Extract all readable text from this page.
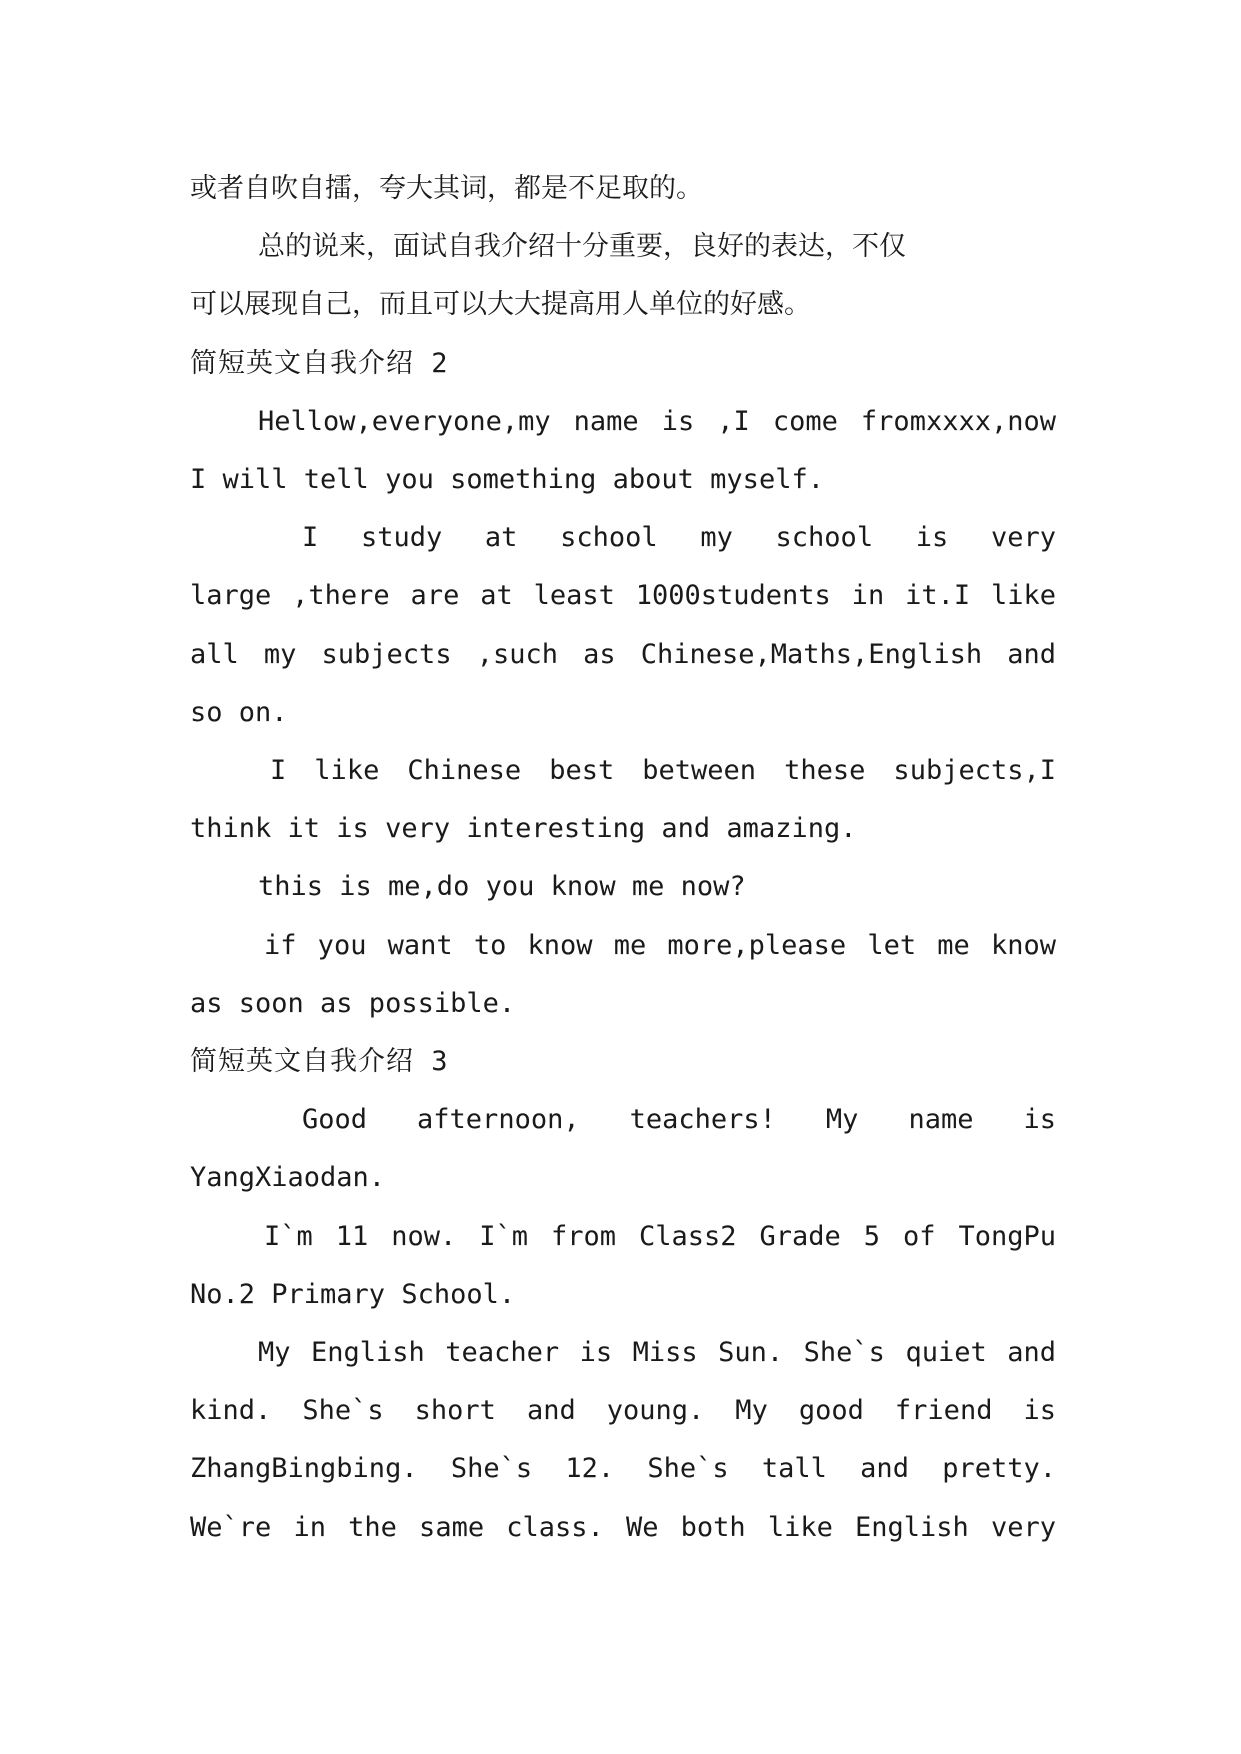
或者自吹自擂，夸大其词，都是不足取的。
总的说来，面试自我介绍十分重要，良好的表达，不仅
可以展现自己，而且可以大大提高用人单位的好感。
简短英文自我介绍 2
Hellow,everyone,my name is ,I come fromxxxx,now
I will tell you something about myself.
I study at school my school is very
large ,there are at least 1000students in it.I like
all my subjects ,such as Chinese,Maths,English and
so on.
I like Chinese best between these subjects,I
think it is very interesting and amazing.
this is me,do you know me now?
if you want to know me more,please let me know
as soon as possible.
简短英文自我介绍 3
Good afternoon, teachers! My name is
YangXiaodan.
I`m 11 now. I`m from Class2 Grade 5 of TongPu
No.2 Primary School.
My English teacher is Miss Sun. She`s quiet and
kind. She`s short and young. My good friend is
ZhangBingbing. She`s 12. She`s tall and pretty.
We`re in the same class. We both like English very
